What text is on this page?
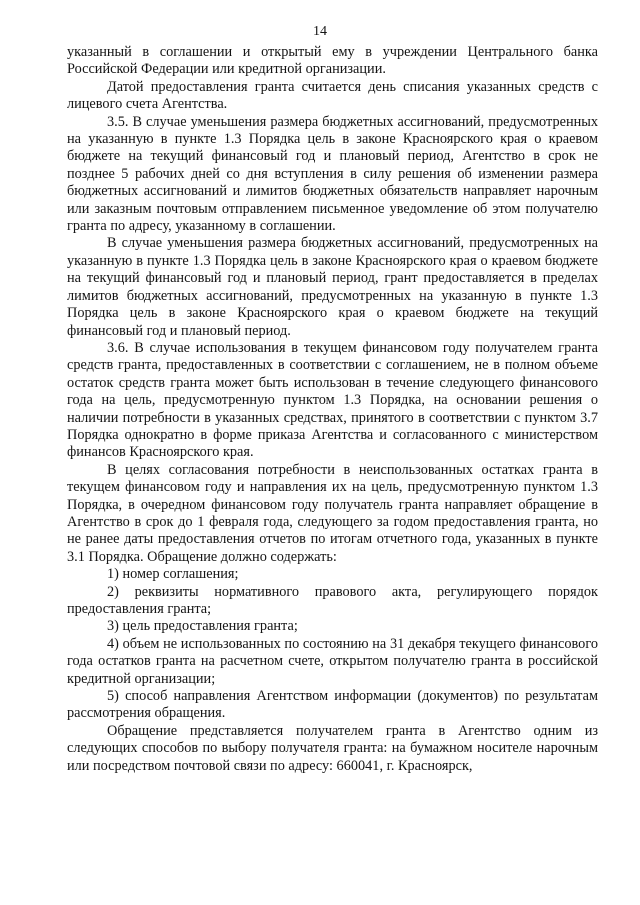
14

указанный в соглашении и открытый ему в учреждении Центрального банка Российской Федерации или кредитной организации.

Датой предоставления гранта считается день списания указанных средств с лицевого счета Агентства.

3.5. В случае уменьшения размера бюджетных ассигнований, предусмотренных на указанную в пункте 1.3 Порядка цель в законе Красноярского края о краевом бюджете на текущий финансовый год и плановый период, Агентство в срок не позднее 5 рабочих дней со дня вступления в силу решения об изменении размера бюджетных ассигнований и лимитов бюджетных обязательств направляет нарочным или заказным почтовым отправлением письменное уведомление об этом получателю гранта по адресу, указанному в соглашении.

В случае уменьшения размера бюджетных ассигнований, предусмотренных на указанную в пункте 1.3 Порядка цель в законе Красноярского края о краевом бюджете на текущий финансовый год и плановый период, грант предоставляется в пределах лимитов бюджетных ассигнований, предусмотренных на указанную в пункте 1.3 Порядка цель в законе Красноярского края о краевом бюджете на текущий финансовый год и плановый период.

3.6. В случае использования в текущем финансовом году получателем гранта средств гранта, предоставленных в соответствии с соглашением, не в полном объеме остаток средств гранта может быть использован в течение следующего финансового года на цель, предусмотренную пунктом 1.3 Порядка, на основании решения о наличии потребности в указанных средствах, принятого в соответствии с пунктом 3.7 Порядка однократно в форме приказа Агентства и согласованного с министерством финансов Красноярского края.

В целях согласования потребности в неиспользованных остатках гранта в текущем финансовом году и направления их на цель, предусмотренную пунктом 1.3 Порядка, в очередном финансовом году получатель гранта направляет обращение в Агентство в срок до 1 февраля года, следующего за годом предоставления гранта, но не ранее даты предоставления отчетов по итогам отчетного года, указанных в пункте 3.1 Порядка. Обращение должно содержать:

1) номер соглашения;

2) реквизиты нормативного правового акта, регулирующего порядок предоставления гранта;

3) цель предоставления гранта;

4) объем не использованных по состоянию на 31 декабря текущего финансового года остатков гранта на расчетном счете, открытом получателю гранта в российской кредитной организации;

5) способ направления Агентством информации (документов) по результатам рассмотрения обращения.

Обращение представляется получателем гранта в Агентство одним из следующих способов по выбору получателя гранта: на бумажном носителе нарочным или посредством почтовой связи по адресу: 660041, г. Красноярск,
